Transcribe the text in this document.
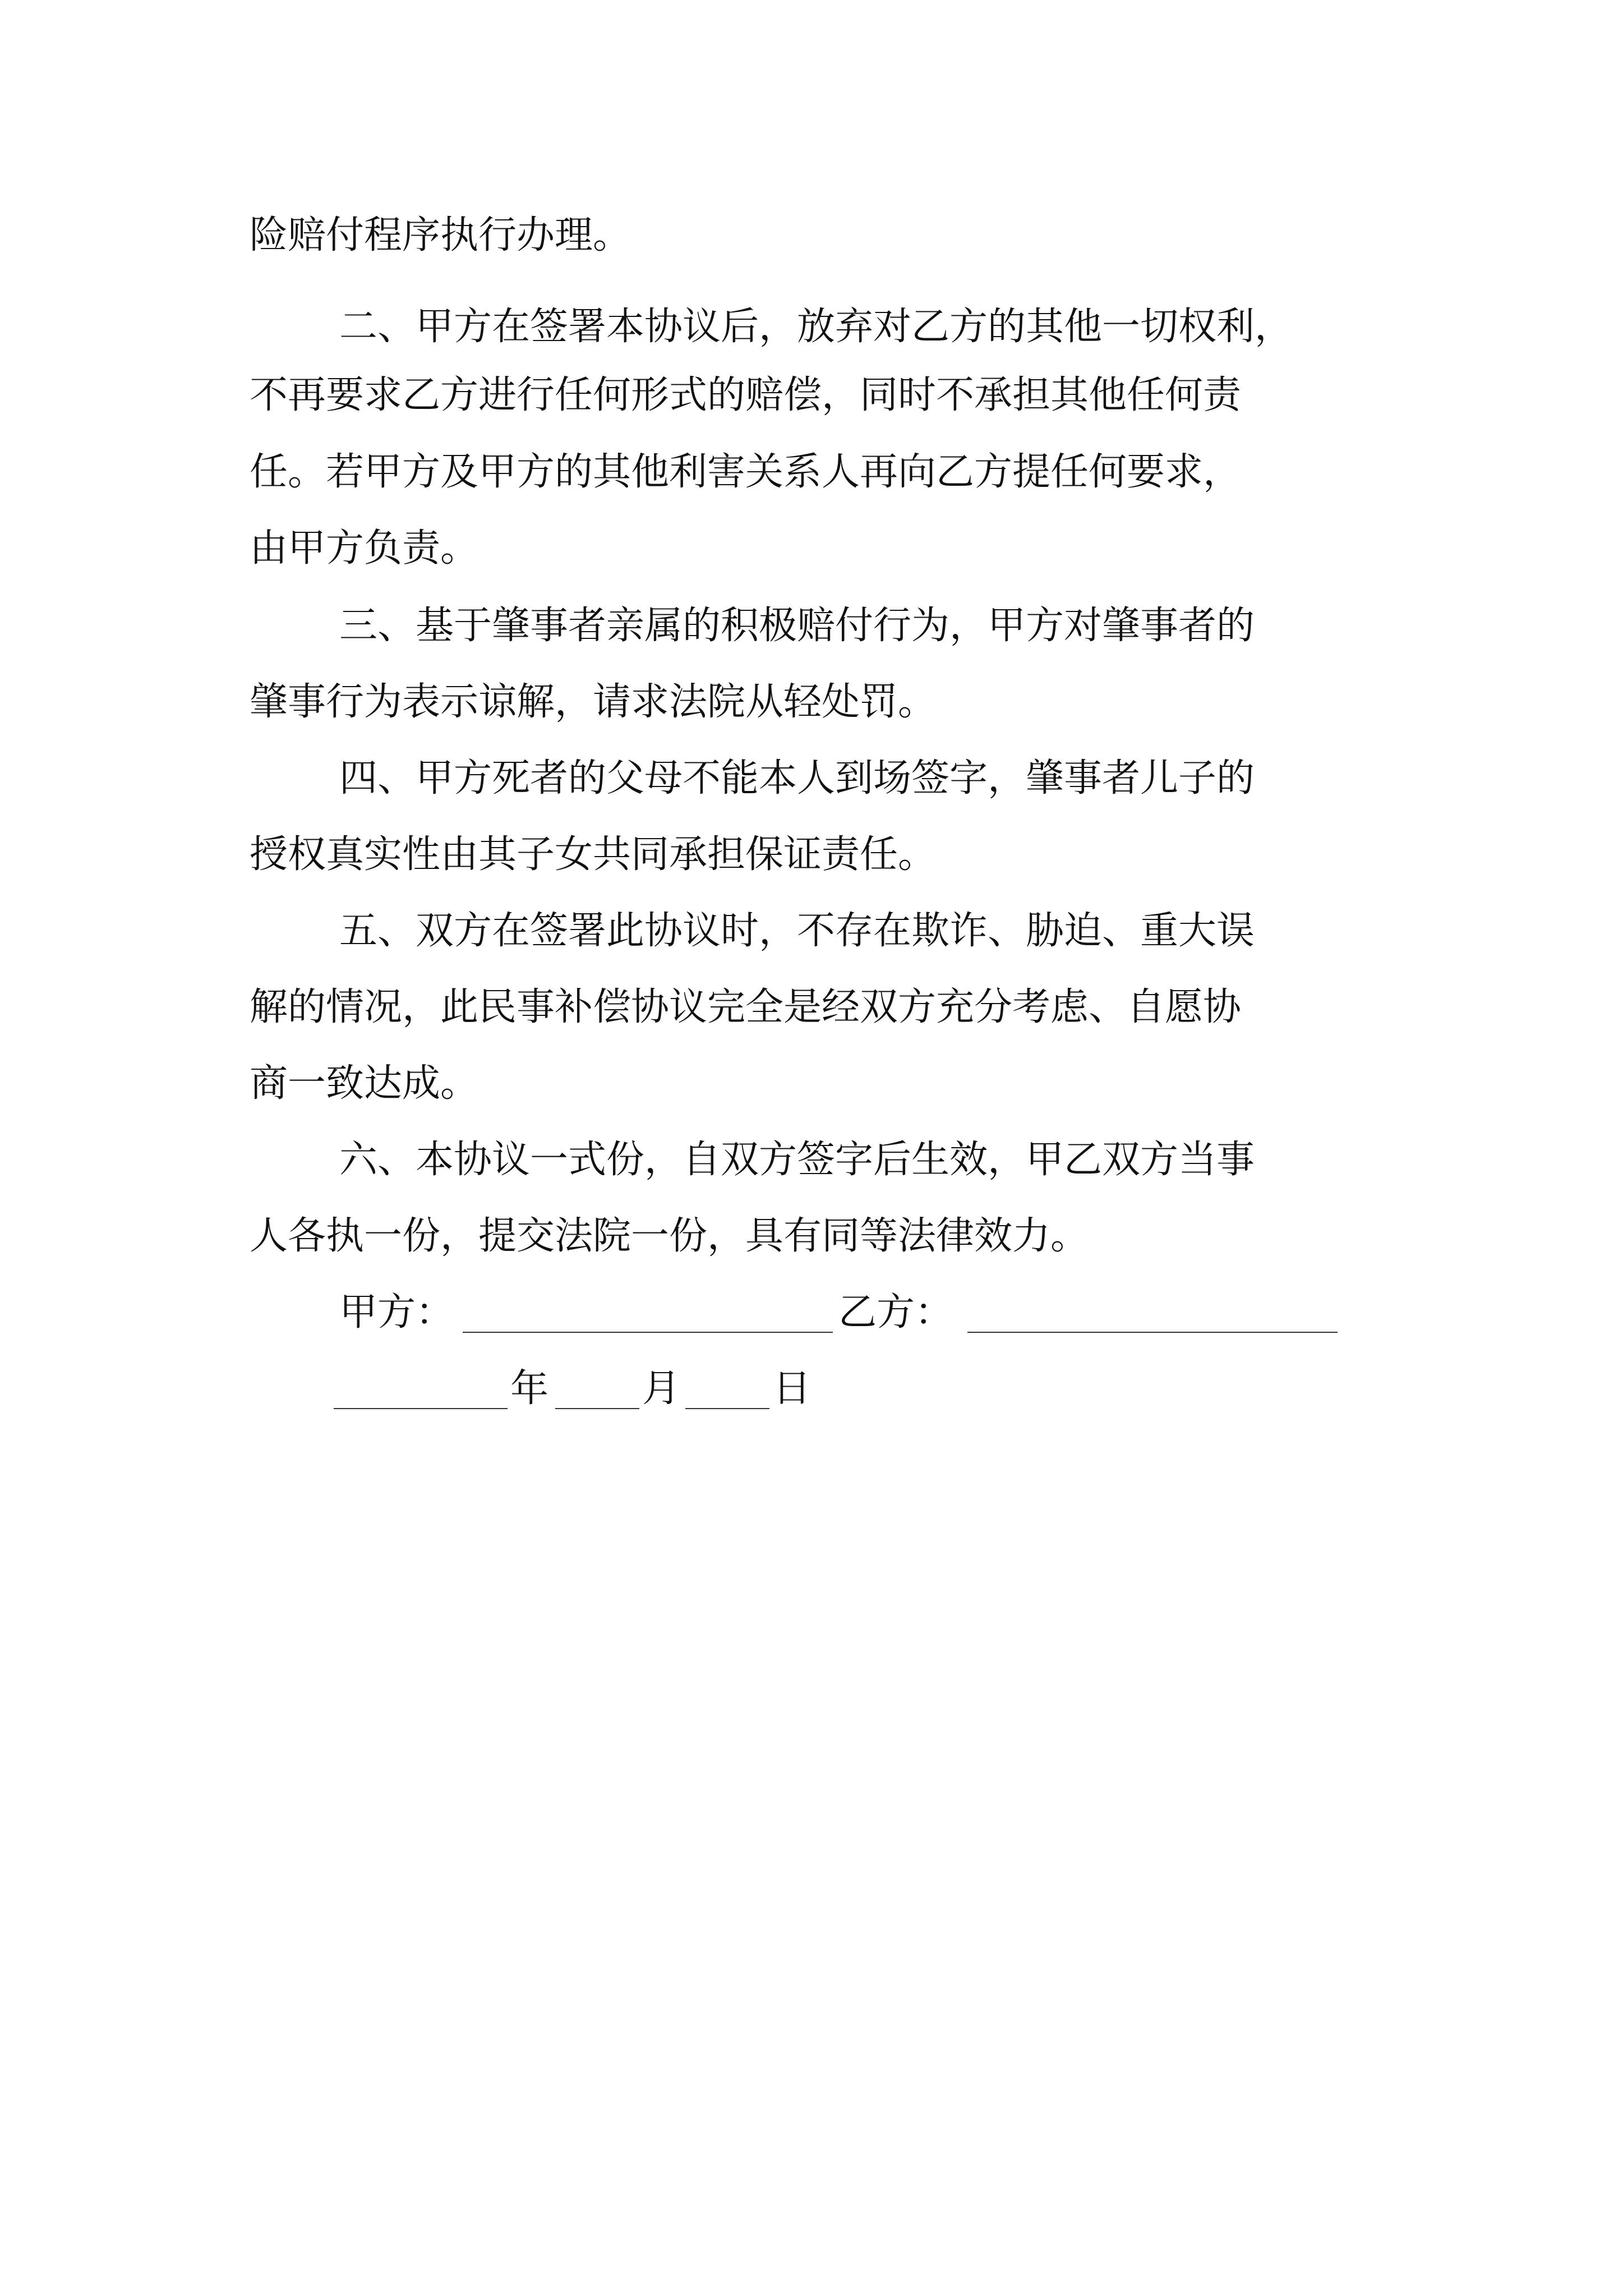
险赔付程序执行办理。
二、甲方在签署本协议后，放弃对乙方的其他一切权利，
不再要求乙方进行任何形式的赔偿，同时不承担其他任何责
任。若甲方及甲方的其他利害关系人再向乙方提任何要求，
由甲方负责。
三、基于肇事者亲属的积极赔付行为，甲方对肇事者的
肇事行为表示谅解，请求法院从轻处罚。
四、甲方死者的父母不能本人到场签字，肇事者儿子的
授权真实性由其子女共同承担保证责任。
五、双方在签署此协议时，不存在欺诈、胁迫、重大误
解的情况，此民事补偿协议完全是经双方充分考虑、自愿协
商一致达成。
六、本协议一式份，自双方签字后生效，甲乙双方当事
人各执一份，提交法院一份，具有同等法律效力。
甲方：	乙方：
年 月 日
